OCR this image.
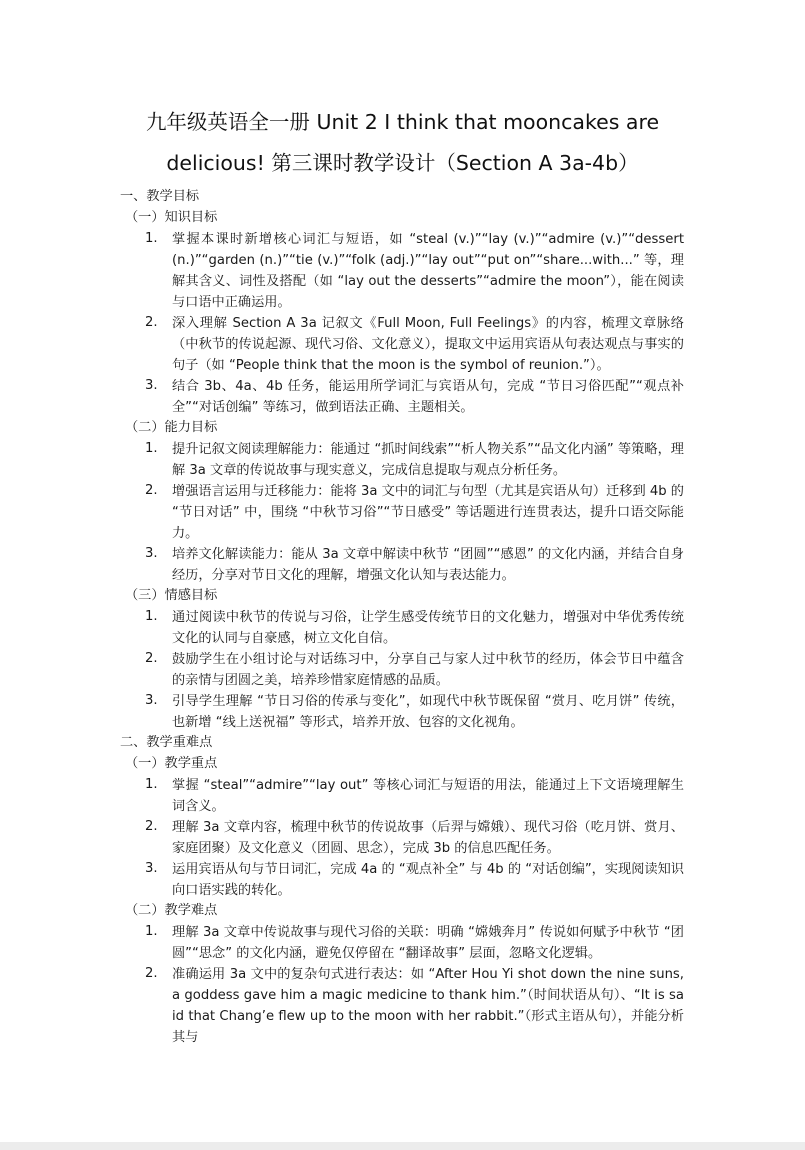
九年级英语全一册 Unit 2 I think that mooncakes are
delicious! 第三课时教学设计（Section A 3a-4b）
一、教学目标
（一）知识目标
1. 掌握本课时新增核心词汇与短语，如 “steal (v.)”“lay (v.)”“admire (v.)”“dessert (n.)”“garden (n.)”“tie (v.)”“folk (adj.)”“lay out”“put on”“share...with...” 等，理解其含义、词性及搭配（如 “lay out the desserts”“admire the moon”），能在阅读与口语中正确运用。
2. 深入理解 Section A 3a 记叙文《Full Moon, Full Feelings》的内容，梳理文章脉络（中秋节的传说起源、现代习俗、文化意义），提取文中运用宾语从句表达观点与事实的句子（如 “People think that the moon is the symbol of reunion.”）。
3. 结合 3b、4a、4b 任务，能运用所学词汇与宾语从句，完成 “节日习俗匹配”“观点补全”“对话创编” 等练习，做到语法正确、主题相关。
（二）能力目标
1. 提升记叙文阅读理解能力：能通过 “抓时间线索”“析人物关系”“品文化内涵” 等策略，理解 3a 文章的传说故事与现实意义，完成信息提取与观点分析任务。
2. 增强语言运用与迁移能力：能将 3a 文中的词汇与句型（尤其是宾语从句）迁移到 4b 的 “节日对话” 中，围绕 “中秋节习俗”“节日感受” 等话题进行连贯表达，提升口语交际能力。
3. 培养文化解读能力：能从 3a 文章中解读中秋节 “团圆”“感恩” 的文化内涵，并结合自身经历，分享对节日文化的理解，增强文化认知与表达能力。
（三）情感目标
1. 通过阅读中秋节的传说与习俗，让学生感受传统节日的文化魅力，增强对中华优秀传统文化的认同与自豪感，树立文化自信。
2. 鼓励学生在小组讨论与对话练习中，分享自己与家人过中秋节的经历，体会节日中蕴含的亲情与团圆之美，培养珍惜家庭情感的品质。
3. 引导学生理解 “节日习俗的传承与变化”，如现代中秋节既保留 “赏月、吃月饼” 传统，也新增 “线上送祝福” 等形式，培养开放、包容的文化视角。
二、教学重难点
（一）教学重点
1. 掌握 “steal”“admire”“lay out” 等核心词汇与短语的用法，能通过上下文语境理解生词含义。
2. 理解 3a 文章内容，梳理中秋节的传说故事（后羿与嫦娥）、现代习俗（吃月饼、赏月、家庭团聚）及文化意义（团圆、思念），完成 3b 的信息匹配任务。
3. 运用宾语从句与节日词汇，完成 4a 的 “观点补全” 与 4b 的 “对话创编”，实现阅读知识向口语实践的转化。
（二）教学难点
1. 理解 3a 文章中传说故事与现代习俗的关联：明确 “嫦娥奔月” 传说如何赋予中秋节 “团圆”“思念” 的文化内涵，避免仅停留在 “翻译故事” 层面，忽略文化逻辑。
2. 准确运用 3a 文中的复杂句式进行表达：如 “After Hou Yi shot down the nine suns, a goddess gave him a magic medicine to thank him.”（时间状语从句）、“It is said that Chang’e flew up to the moon with her rabbit.”（形式主语从句），并能分析其与
